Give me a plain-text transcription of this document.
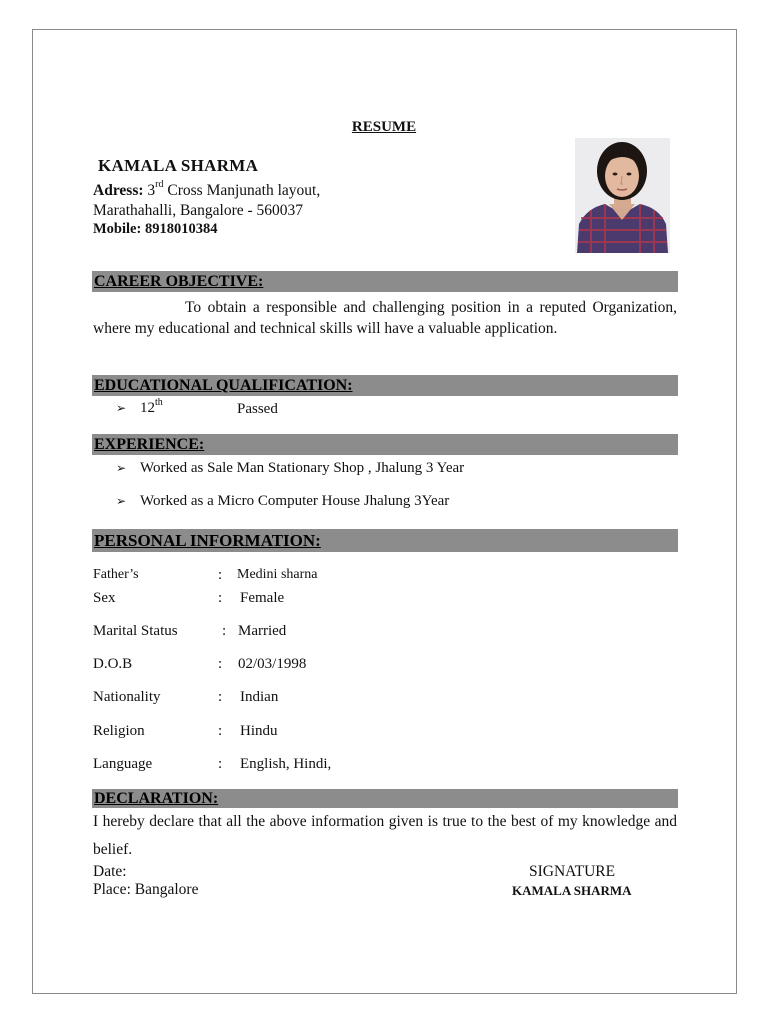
RESUME
KAMALA SHARMA
Adress: 3rd Cross Manjunath layout,
Marathahalli, Bangalore - 560037
Mobile: 8918010384
CAREER OBJECTIVE:
To obtain a responsible and challenging position in a reputed Organization, where my educational and technical skills will have a valuable application.
EDUCATIONAL QUALIFICATION:
➢ 12th	Passed
EXPERIENCE:
➢ Worked as Sale Man Stationary Shop , Jhalung 3 Year
➢ Worked as a Micro Computer House Jhalung 3Year
PERSONAL INFORMATION:
Father’s	: Medini sharna
Sex	: Female
Marital Status	: Married
D.O.B	: 02/03/1998
Nationality	: Indian
Religion	: Hindu
Language	: English, Hindi,
DECLARATION:
I hereby declare that all the above information given is true to the best of my knowledge and belief.
Date:
Place: Bangalore
SIGNATURE
KAMALA SHARMA
